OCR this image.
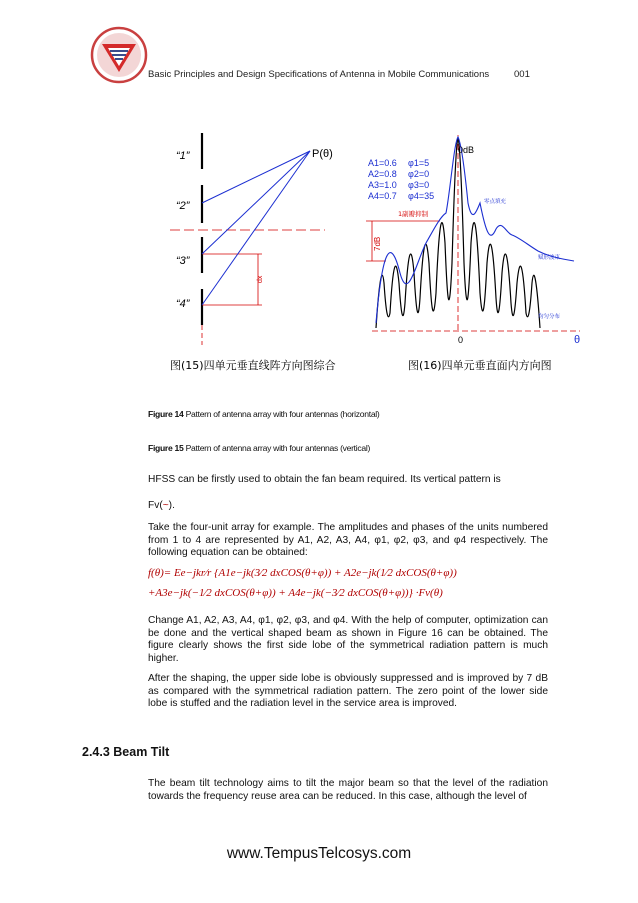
Basic Principles and Design Specifications of Antenna in Mobile Communications	001
“1”
“2”
“3”
“4”
P(θ)
dx
图(15)四单元垂直线阵方向图综合
A1=0.6
A2=0.8
A3=1.0
A4=0.7
φ1=5
φ2=0
φ3=0
φ4=35
0dB
7dB
1副瓣抑制
0	θ
零点填充
赋形波束
均匀分布
图(16)四单元垂直面内方向图
Figure 14 Pattern of antenna array with four antennas (horizontal)
Figure 15 Pattern of antenna array with four antennas (vertical)
HFSS can be firstly used to obtain the fan beam required. Its vertical pattern is
Fv(~).
Take the four-unit array for example. The amplitudes and phases of the units numbered from 1 to 4 are represented by A1, A2, A3, A4, φ1, φ2, φ3, and φ4 respectively. The following equation can be obtained:
f(θ)= Ee−jkr⁄r {A1e−jk(3⁄2 dxCOS(θ+φ)) + A2e−jk(1⁄2 dxCOS(θ+φ))
+A3e−jk(−1⁄2 dxCOS(θ+φ)) + A4e−jk(−3⁄2 dxCOS(θ+φ))} ·Fv(θ)
Change A1, A2, A3, A4, φ1, φ2, φ3, and φ4. With the help of computer, optimization can be done and the vertical shaped beam as shown in Figure 16 can be obtained. The figure clearly shows the first side lobe of the symmetrical radiation pattern is much higher.
After the shaping, the upper side lobe is obviously suppressed and is improved by 7 dB as compared with the symmetrical radiation pattern. The zero point of the lower side lobe is stuffed and the radiation level in the service area is improved.
2.4.3 Beam Tilt
The beam tilt technology aims to tilt the major beam so that the level of the radiation towards the frequency reuse area can be reduced. In this case, although the level of
www.TempusTelcosys.com
